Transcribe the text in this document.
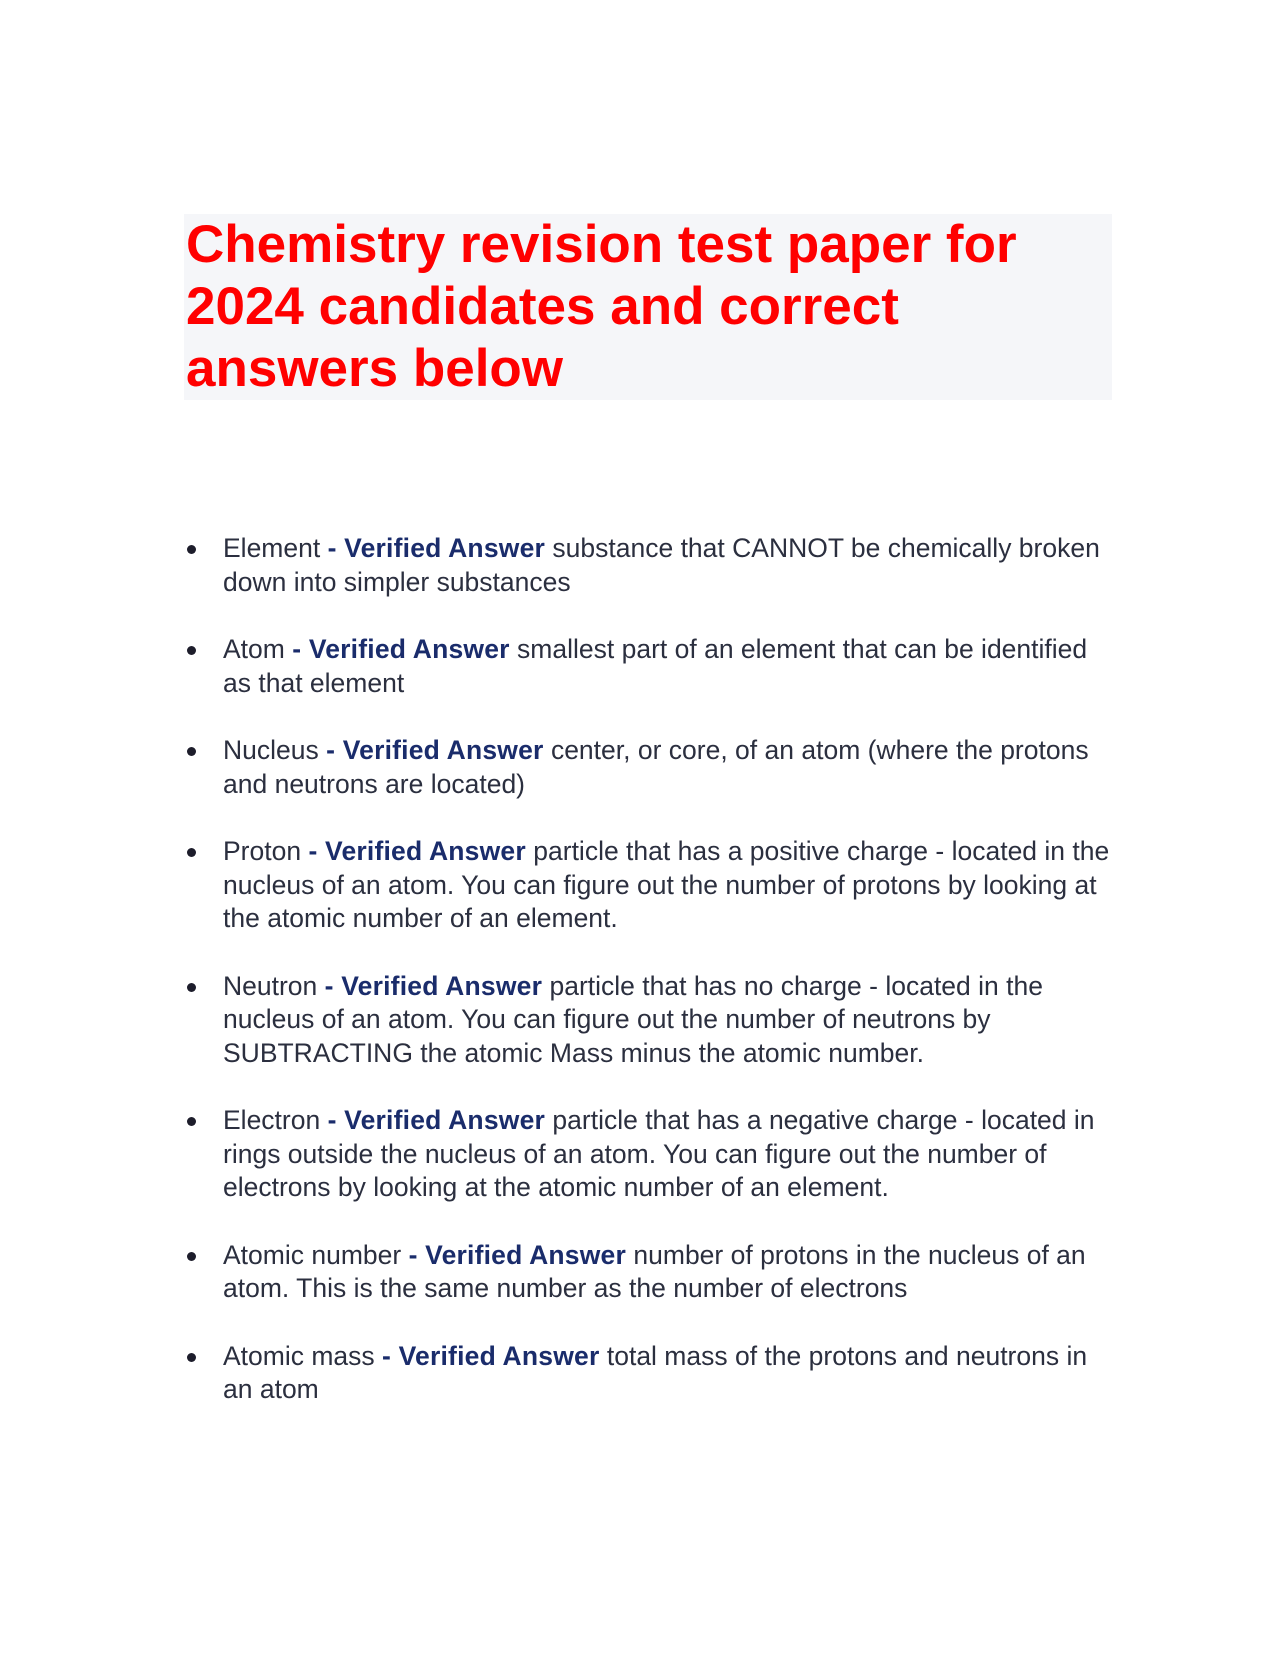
Chemistry revision test paper for 2024 candidates and correct answers below
Element - Verified Answer substance that CANNOT be chemically broken down into simpler substances
Atom - Verified Answer smallest part of an element that can be identified as that element
Nucleus - Verified Answer center, or core, of an atom (where the protons and neutrons are located)
Proton - Verified Answer particle that has a positive charge - located in the nucleus of an atom. You can figure out the number of protons by looking at the atomic number of an element.
Neutron - Verified Answer particle that has no charge - located in the nucleus of an atom. You can figure out the number of neutrons by SUBTRACTING the atomic Mass minus the atomic number.
Electron - Verified Answer particle that has a negative charge - located in rings outside the nucleus of an atom. You can figure out the number of electrons by looking at the atomic number of an element.
Atomic number - Verified Answer number of protons in the nucleus of an atom. This is the same number as the number of electrons
Atomic mass - Verified Answer total mass of the protons and neutrons in an atom
